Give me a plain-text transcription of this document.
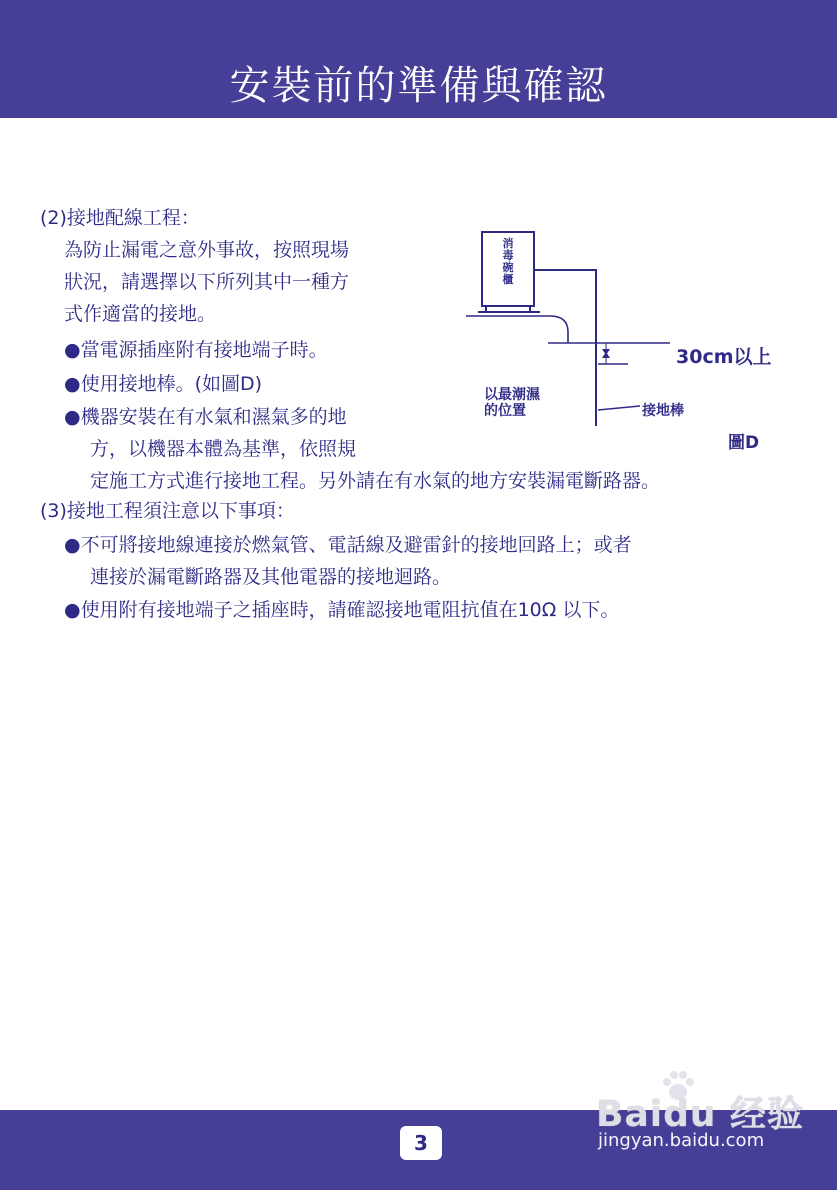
安裝前的準備與確認
(2)接地配線工程：
為防止漏電之意外事故，按照現場
狀況，請選擇以下所列其中一種方
式作適當的接地。
●當電源插座附有接地端子時。
●使用接地棒。(如圖D)
●機器安裝在有水氣和濕氣多的地
方，以機器本體為基準，依照規
定施工方式進行接地工程。另外請在有水氣的地方安裝漏電斷路器。
(3)接地工程須注意以下事項：
●不可將接地線連接於燃氣管、電話線及避雷針的接地回路上；或者
連接於漏電斷路器及其他電器的接地迴路。
●使用附有接地端子之插座時，請確認接地電阻抗值在10Ω 以下。
消毒碗櫃
30cm以上
以最潮濕
的位置	接地棒
圖D
3
Baidu 经验
jingyan.baidu.com
